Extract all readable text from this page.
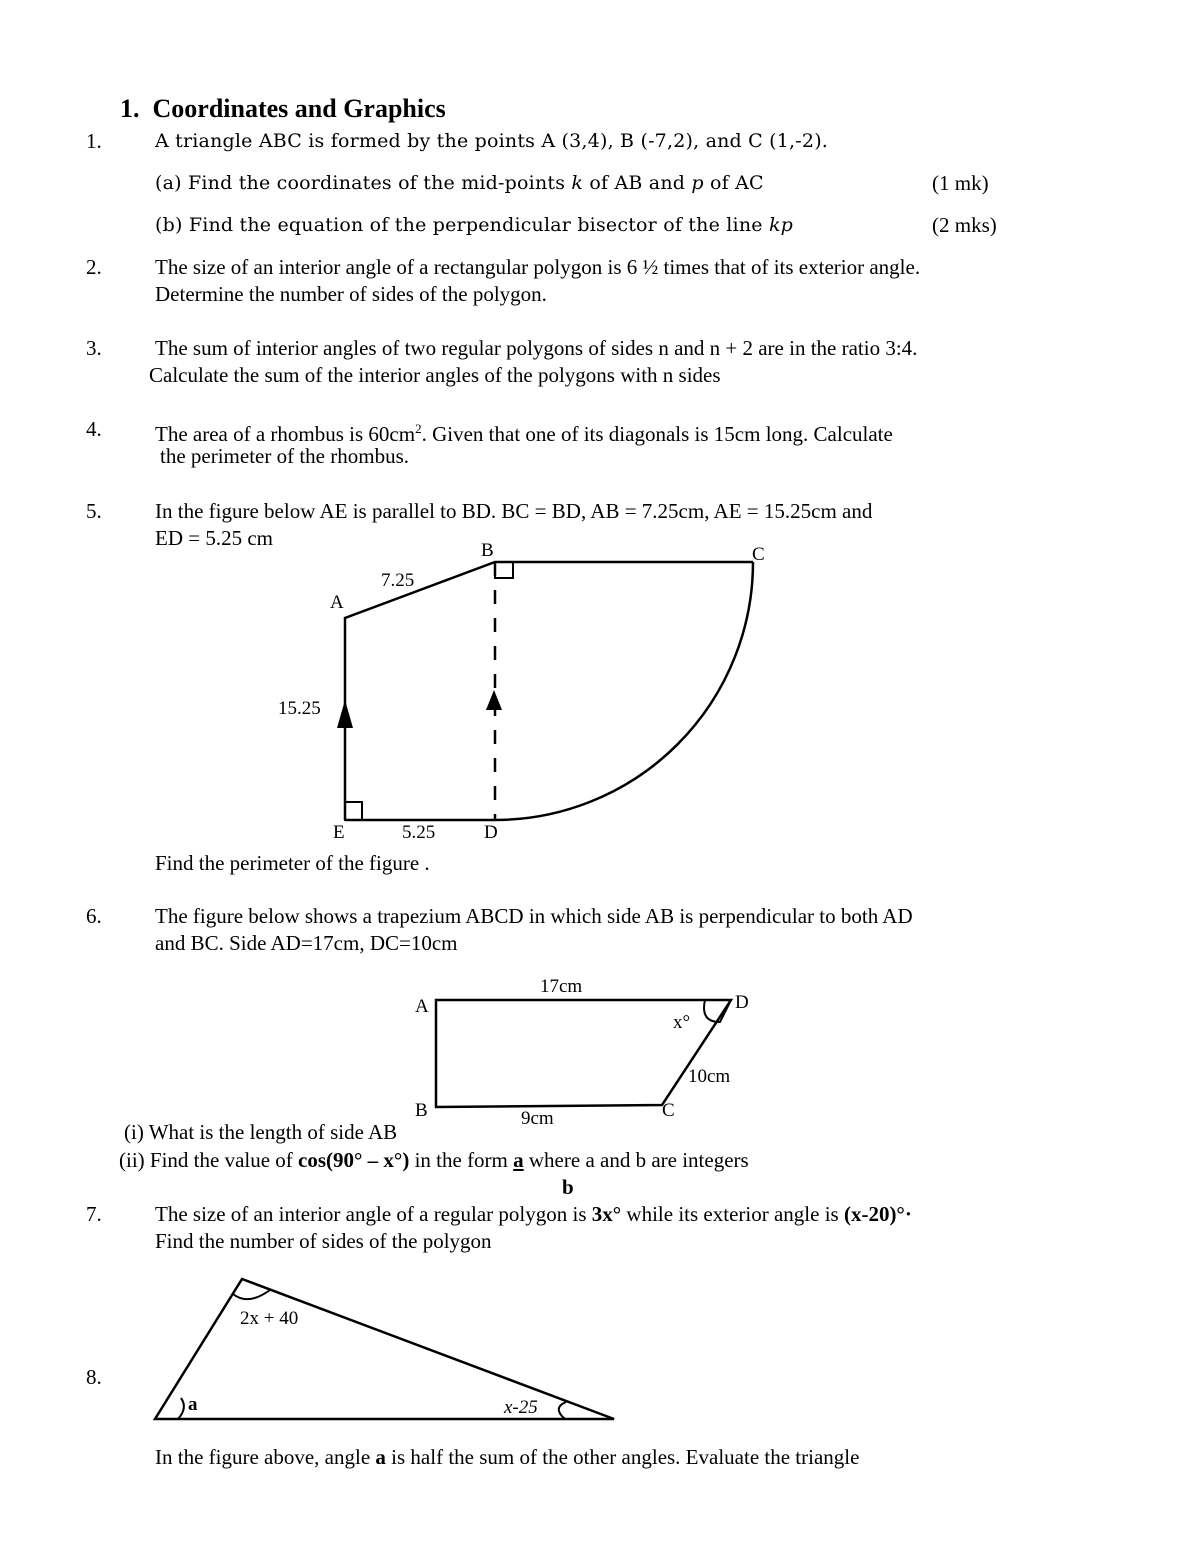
1. Coordinates and Graphics
1.	A triangle ABC is formed by the points A (3,4), B (-7,2), and C (1,-2).
(a) Find the coordinates of the mid-points k of AB and p of AC	(1 mk)
(b) Find the equation of the perpendicular bisector of the line kp	(2 mks)
2.	The size of an interior angle of a rectangular polygon is 6 ½ times that of its exterior angle.
Determine the number of sides of the polygon.
3.	The sum of interior angles of two regular polygons of sides n and n + 2 are in the ratio 3:4.
Calculate the sum of the interior angles of the polygons with n sides
4.	The area of a rhombus is $60cm^2$. Given that one of its diagonals is 15cm long. Calculate
the perimeter of the rhombus.
5.	In the figure below AE is parallel to BD. BC = BD, AB = 7.25cm, AE = 15.25cm and
ED = 5.25 cm
B	C
A
7.25
15.25
E	5.25	D
Find the perimeter of the figure .
6.	The figure below shows a trapezium ABCD in which side AB is perpendicular to both AD
and BC. Side AD=17cm, DC=10cm
17cm
A	D
x°
10cm
B	9cm	C
(i) What is the length of side AB
(ii) Find the value of cos(90° – x°) in the form a where a and b are integers
b
7.	The size of an interior angle of a regular polygon is 3x° while its exterior angle is (x-20)°·
Find the number of sides of the polygon
2x + 40
8.
a	x-25
In the figure above, angle a is half the sum of the other angles. Evaluate the triangle
